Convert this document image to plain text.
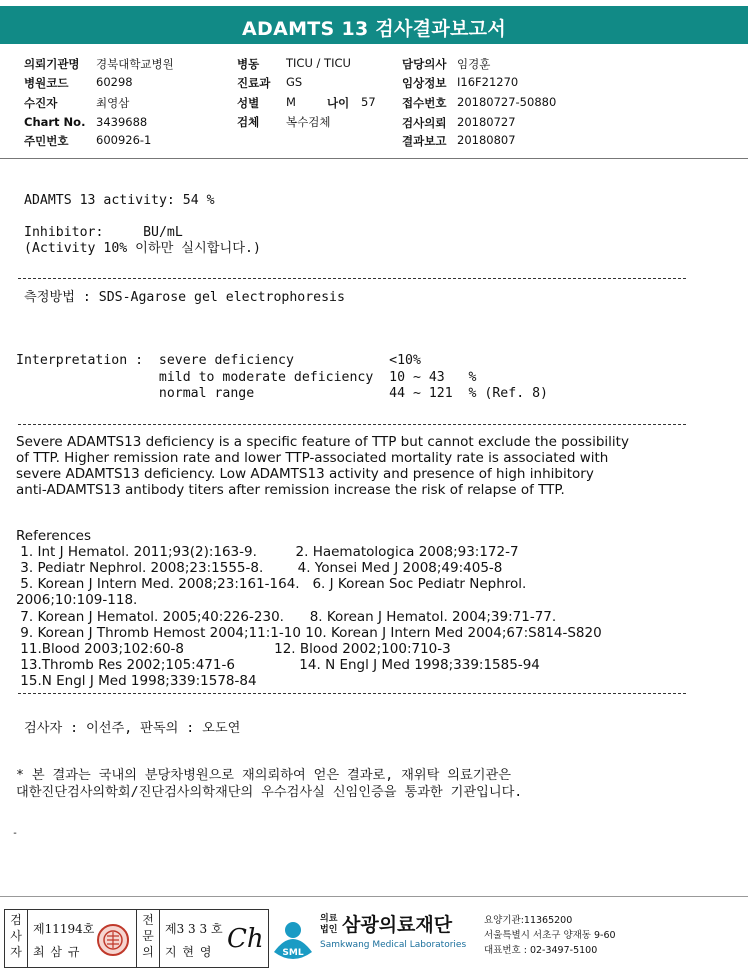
ADAMTS 13 검사결과보고서
의뢰기관명 경북대학교병원
병원코드 60298
수진자	최영삼
Chart No. 3439688
주민번호 600926-1
병동 TICU / TICU
진료과 GS
성별 M	나이 57
검체 복수검체
담당의사 임경훈
임상정보 I16F21270
접수번호 20180727-50880
검사의뢰 20180727
결과보고 20180807
ADAMTS 13 activity: 54 %
Inhibitor:     BU/mL
(Activity 10% 이하만 실시합니다.)
측정방법 : SDS-Agarose gel electrophoresis
Interpretation :  severe deficiency            <10%
mild to moderate deficiency  10 ~ 43   %
normal range                 44 ~ 121  % (Ref. 8)
Severe ADAMTS13 deficiency is a specific feature of TTP but cannot exclude the possibility
of TTP. Higher remission rate and lower TTP-associated mortality rate is associated with
severe ADAMTS13 deficiency. Low ADAMTS13 activity and presence of high inhibitory
anti-ADAMTS13 antibody titers after remission increase the risk of relapse of TTP.
References
1. Int J Hematol. 2011;93(2):163-9.         2. Haematologica 2008;93:172-7
3. Pediatr Nephrol. 2008;23:1555-8.        4. Yonsei Med J 2008;49:405-8
5. Korean J Intern Med. 2008;23:161-164.   6. J Korean Soc Pediatr Nephrol.
2006;10:109-118.
7. Korean J Hematol. 2005;40:226-230.      8. Korean J Hematol. 2004;39:71-77.
9. Korean J Thromb Hemost 2004;11:1-10 10. Korean J Intern Med 2004;67:S814-S820
11.Blood 2003;102:60-8                     12. Blood 2002;100:710-3
13.Thromb Res 2002;105:471-6               14. N Engl J Med 1998;339:1585-94
15.N Engl J Med 1998;339:1578-84
검사자 : 이선주, 판독의 : 오도연
* 본 결과는 국내의 분당차병원으로 재의뢰하여 얻은 결과로, 재위탁 의료기관은
대한진단검사의학회/진단검사의학재단의 우수검사실 신임인증을 통과한 기관입니다.
-
검
사
자
제11194호
최 삼 규
전
문
의
제3 3 3 호
지 현 영 Ch SML
의료법인 삼광의료재단
Samkwang Medical Laboratories
요양기관:11365200
서울특별시 서초구 양재동 9-60
대표번호 : 02-3497-5100
